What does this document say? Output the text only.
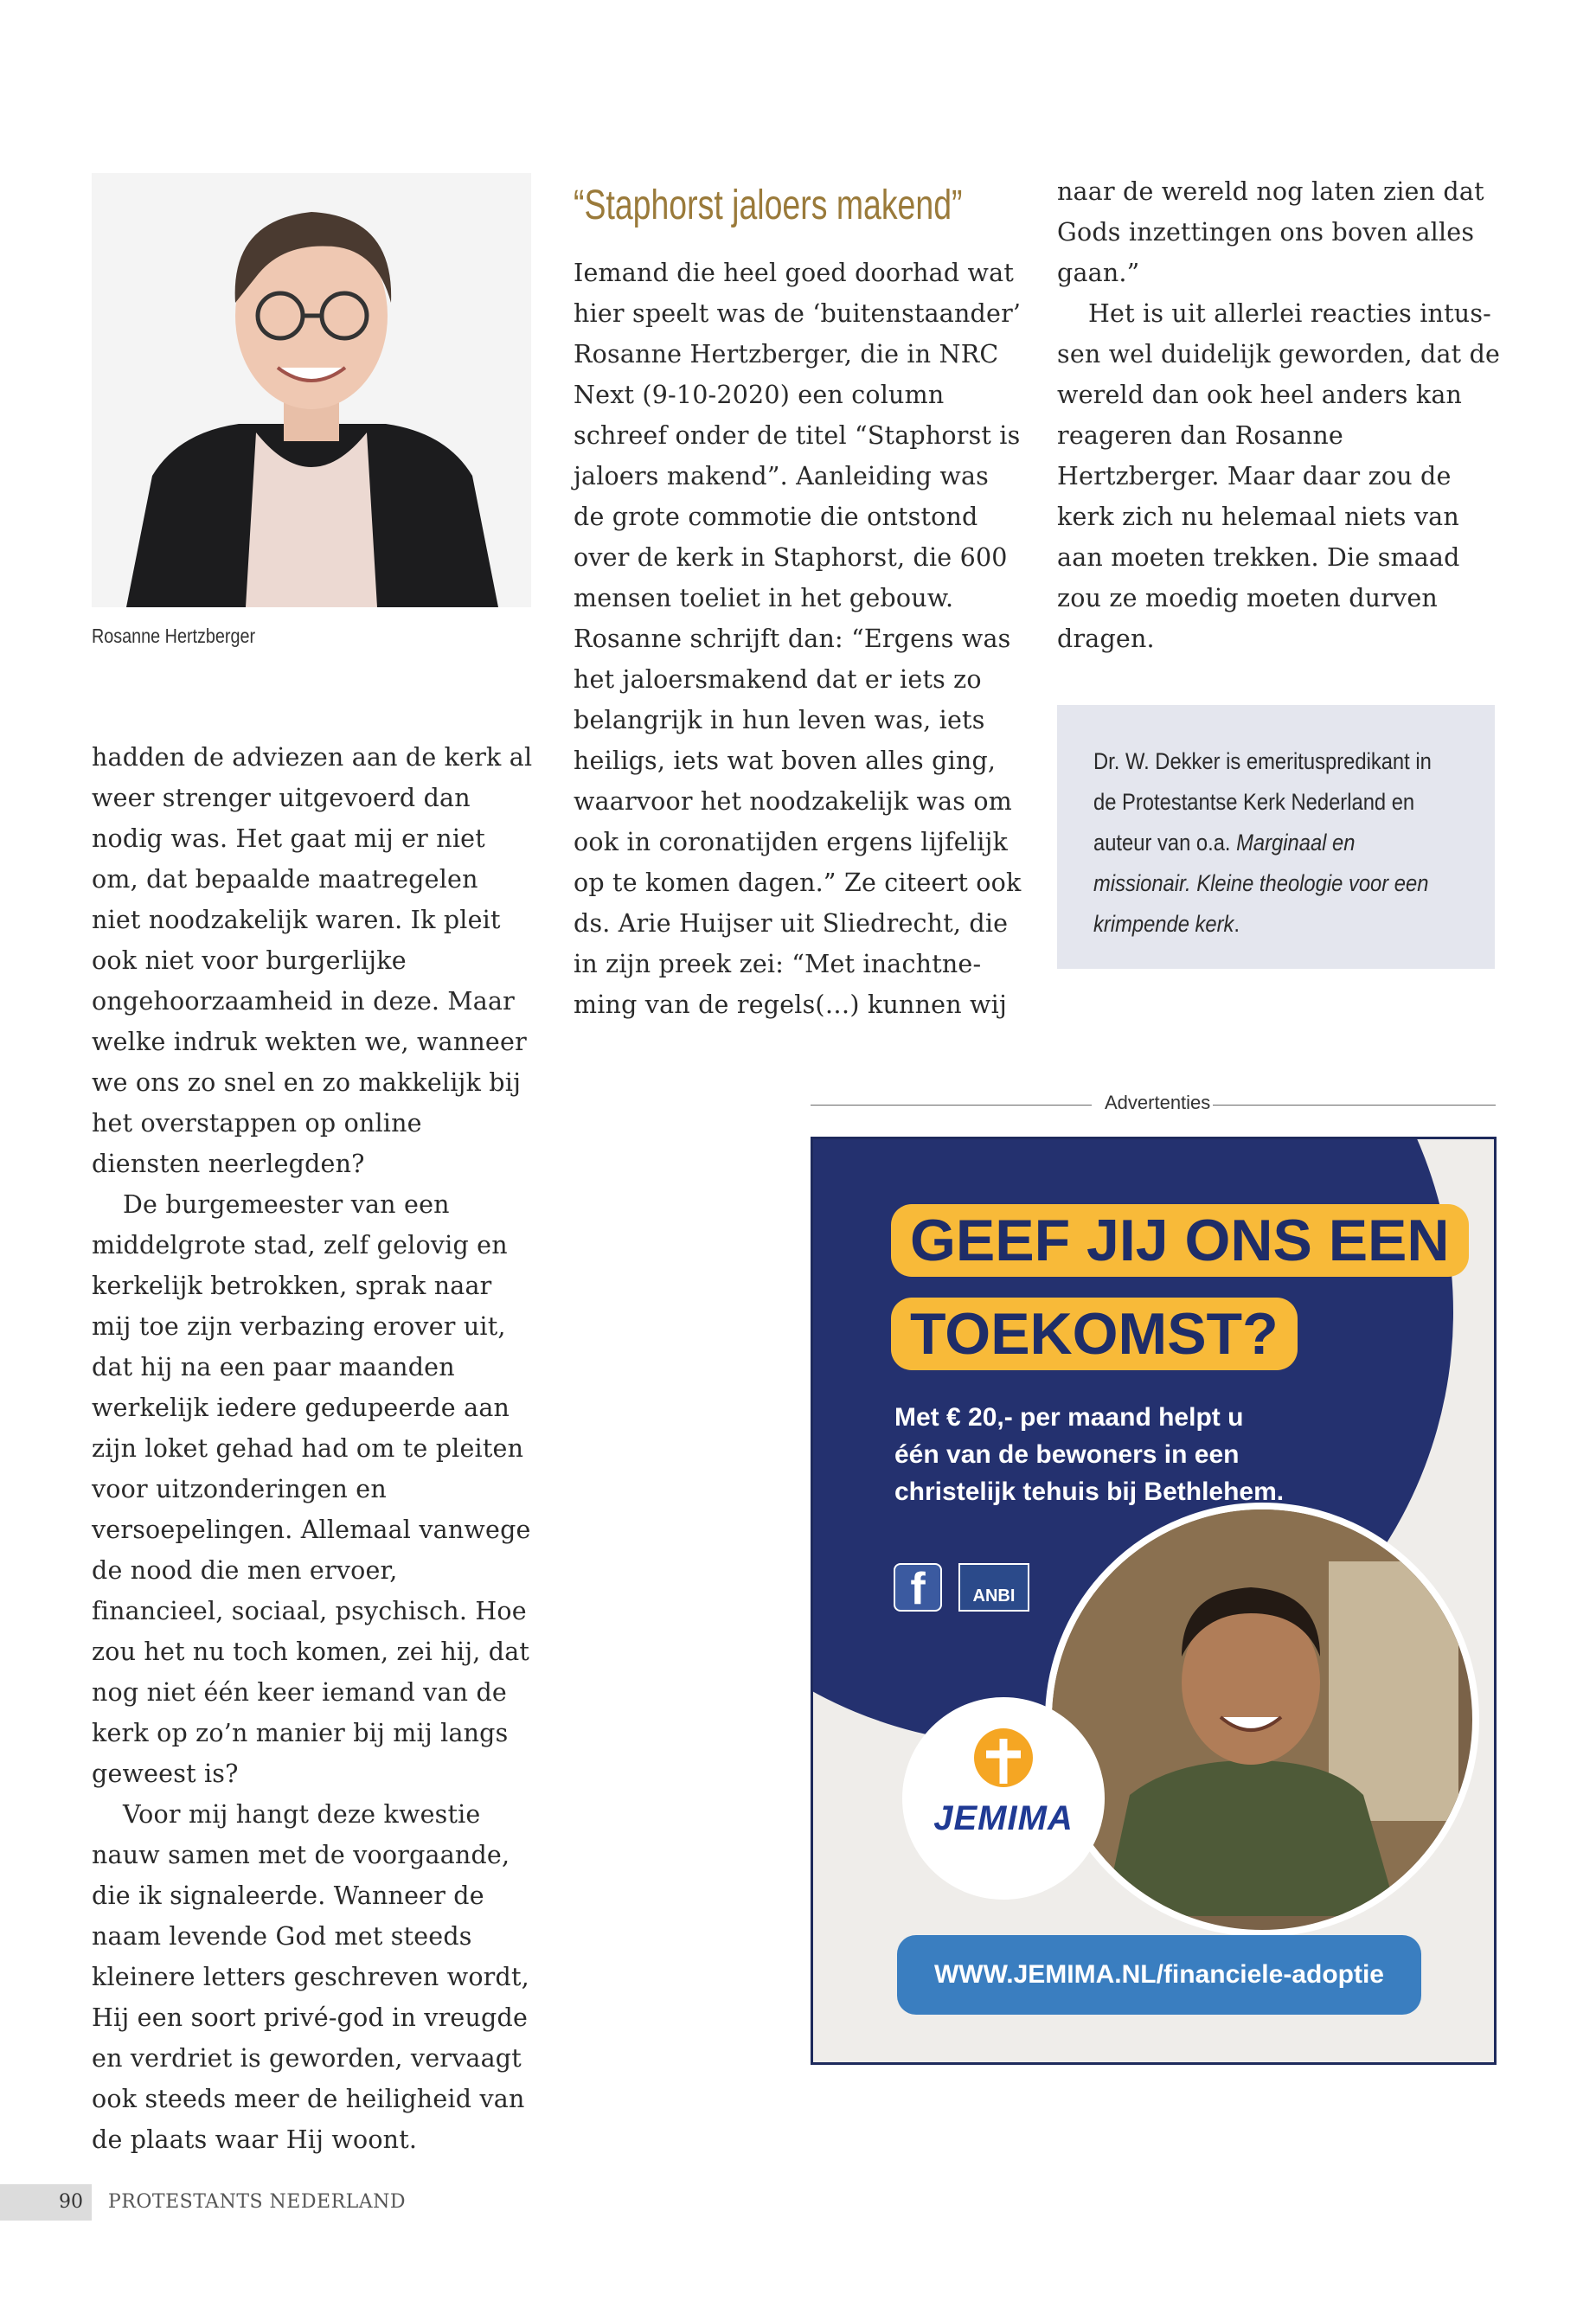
Rosanne Hertzberger

hadden de adviezen aan de kerk al weer strenger uitgevoerd dan nodig was. Het gaat mij er niet om, dat bepaalde maatregelen niet noodzakelijk waren. Ik pleit ook niet voor burgerlijke ongehoorzaamheid in deze. Maar welke indruk wekten we, wanneer we ons zo snel en zo makkelijk bij het overstappen op online diensten neerlegden?

De burgemeester van een middelgrote stad, zelf gelovig en kerkelijk betrokken, sprak naar mij toe zijn verbazing erover uit, dat hij na een paar maanden werkelijk iedere gedupeerde aan zijn loket gehad had om te pleiten voor uitzonderingen en versoepelingen. Allemaal vanwege de nood die men ervoer, financieel, sociaal, psychisch. Hoe zou het nu toch komen, zei hij, dat nog niet één keer iemand van de kerk op zo’n manier bij mij langs geweest is?

Voor mij hangt deze kwestie nauw samen met de voorgaande, die ik signaleerde. Wanneer de naam levende God met steeds kleinere letters geschreven wordt, Hij een soort privé-god in vreugde en verdriet is geworden, vervaagt ook steeds meer de heiligheid van de plaats waar Hij woont.

“Staphorst jaloers makend”

Iemand die heel goed doorhad wat hier speelt was de ‘buitenstaander’ Rosanne Hertzberger, die in NRC Next (9-10-2020) een column schreef onder de titel “Staphorst is jaloers makend”. Aanleiding was de grote commotie die ontstond over de kerk in Staphorst, die 600 mensen toeliet in het gebouw. Rosanne schrijft dan: “Ergens was het jaloersmakend dat er iets zo belangrijk in hun leven was, iets heiligs, iets wat boven alles ging, waarvoor het noodzakelijk was om ook in coronatijden ergens lijfelijk op te komen dagen.” Ze citeert ook ds. Arie Huijser uit Sliedrecht, die in zijn preek zei: “Met inachtneming van de regels(…) kunnen wij

naar de wereld nog laten zien dat Gods inzettingen ons boven alles gaan.”

Het is uit allerlei reacties intussen wel duidelijk geworden, dat de wereld dan ook heel anders kan reageren dan Rosanne Hertzberger. Maar daar zou de kerk zich nu helemaal niets van aan moeten trekken. Die smaad zou ze moedig moeten durven dragen.

Dr. W. Dekker is emerituspredikant in de Protestantse Kerk Nederland en auteur van o.a. Marginaal en missionair. Kleine theologie voor een krimpende kerk.
Advertenties
GEEF JIJ ONS EEN
TOEKOMST?
Met € 20,- per maand helpt u één van de bewoners in een christelijk tehuis bij Bethlehem.
f	ANBI
JEMIMA
WWW.JEMIMA.NL/financiele-adoptie
90 PROTESTANTS NEDERLAND
